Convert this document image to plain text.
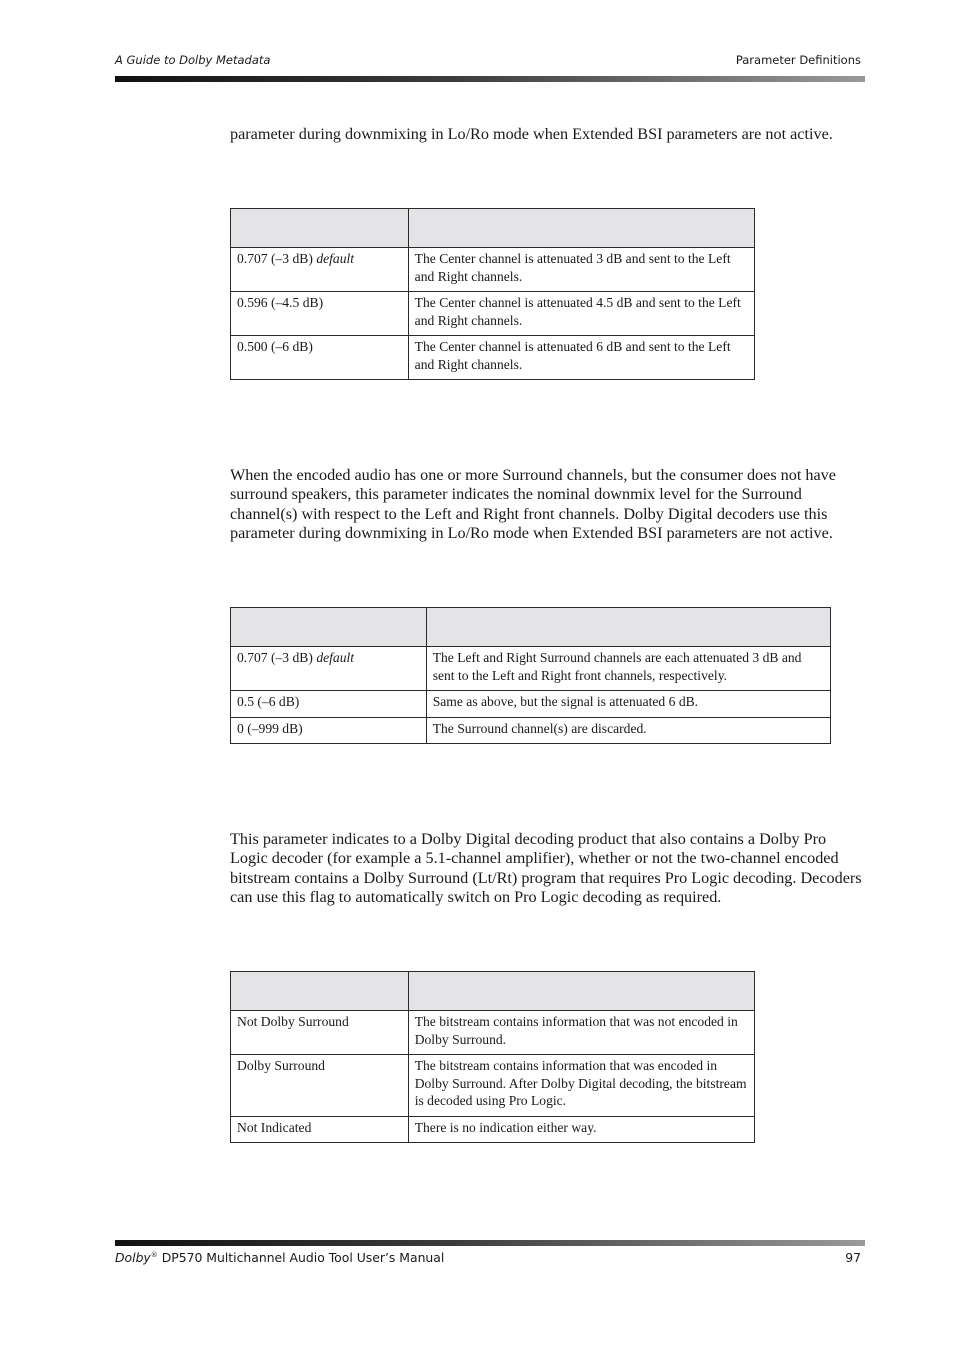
A Guide to Dolby Metadata	Parameter Definitions

parameter during downmixing in Lo/Ro mode when Extended BSI parameters are not active.

0.707 (–3 dB) default	The Center channel is attenuated 3 dB and sent to the Left and Right channels.
0.596 (–4.5 dB)	The Center channel is attenuated 4.5 dB and sent to the Left and Right channels.
0.500 (–6 dB)	The Center channel is attenuated 6 dB and sent to the Left and Right channels.

When the encoded audio has one or more Surround channels, but the consumer does not have surround speakers, this parameter indicates the nominal downmix level for the Surround channel(s) with respect to the Left and Right front channels. Dolby Digital decoders use this parameter during downmixing in Lo/Ro mode when Extended BSI parameters are not active.

0.707 (–3 dB) default	The Left and Right Surround channels are each attenuated 3 dB and sent to the Left and Right front channels, respectively.
0.5 (–6 dB)	Same as above, but the signal is attenuated 6 dB.
0 (–999 dB)	The Surround channel(s) are discarded.

This parameter indicates to a Dolby Digital decoding product that also contains a Dolby Pro Logic decoder (for example a 5.1-channel amplifier), whether or not the two-channel encoded bitstream contains a Dolby Surround (Lt/Rt) program that requires Pro Logic decoding. Decoders can use this flag to automatically switch on Pro Logic decoding as required.

Not Dolby Surround	The bitstream contains information that was not encoded in Dolby Surround.
Dolby Surround	The bitstream contains information that was encoded in Dolby Surround. After Dolby Digital decoding, the bitstream is decoded using Pro Logic.
Not Indicated	There is no indication either way.
Dolby® DP570 Multichannel Audio Tool User’s Manual	97
